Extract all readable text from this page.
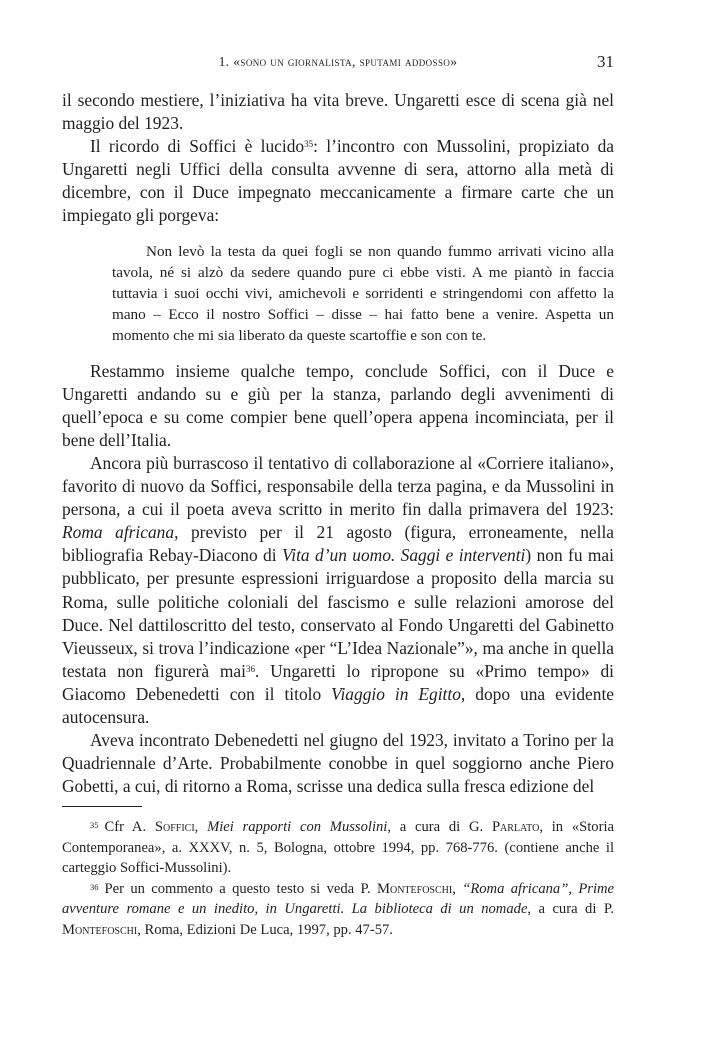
1. «sono un giornalista, sputami addosso»	31

il secondo mestiere, l’iniziativa ha vita breve. Ungaretti esce di scena già nel maggio del 1923.

Il ricordo di Soffici è lucido$^{35}$: l’incontro con Mussolini, propiziato da Ungaretti negli Uffici della consulta avvenne di sera, attorno alla metà di dicembre, con il Duce impegnato meccanicamente a firmare carte che un impiegato gli porgeva:

Non levò la testa da quei fogli se non quando fummo arrivati vicino alla tavola, né si alzò da sedere quando pure ci ebbe visti. A me piantò in faccia tuttavia i suoi occhi vivi, amichevoli e sorridenti e stringendomi con affetto la mano – Ecco il nostro Soffici – disse – hai fatto bene a venire. Aspetta un momento che mi sia liberato da queste scartoffie e son con te.

Restammo insieme qualche tempo, conclude Soffici, con il Duce e Ungaretti andando su e giù per la stanza, parlando degli avvenimenti di quell’epoca e su come compier bene quell’opera appena incominciata, per il bene dell’Italia.

Ancora più burrascoso il tentativo di collaborazione al «Corriere italiano», favorito di nuovo da Soffici, responsabile della terza pagina, e da Mussolini in persona, a cui il poeta aveva scritto in merito fin dalla primavera del 1923: Roma africana, previsto per il 21 agosto (figura, erroneamente, nella bibliografia Rebay-Diacono di Vita d’un uomo. Saggi e interventi) non fu mai pubblicato, per presunte espressioni irriguardose a proposito della marcia su Roma, sulle politiche coloniali del fascismo e sulle relazioni amorose del Duce. Nel dattiloscritto del testo, conservato al Fondo Ungaretti del Gabinetto Vieusseux, si trova l’indicazione «per “L’Idea Nazionale”», ma anche in quella testata non figurerà mai$^{36}$. Ungaretti lo ripropone su «Primo tempo» di Giacomo Debenedetti con il titolo Viaggio in Egitto, dopo una evidente autocensura.

Aveva incontrato Debenedetti nel giugno del 1923, invitato a Torino per la Quadriennale d’Arte. Probabilmente conobbe in quel soggiorno anche Piero Gobetti, a cui, di ritorno a Roma, scrisse una dedica sulla fresca edizione del

$^{35}$ Cfr A. Soffici, Miei rapporti con Mussolini, a cura di G. Parlato, in «Storia Contemporanea», a. XXXV, n. 5, Bologna, ottobre 1994, pp. 768-776. (contiene anche il carteggio Soffici-Mussolini).

$^{36}$ Per un commento a questo testo si veda P. Montefoschi, “Roma africana”, Prime avventure romane e un inedito, in Ungaretti. La biblioteca di un nomade, a cura di P. Montefoschi, Roma, Edizioni De Luca, 1997, pp. 47-57.
